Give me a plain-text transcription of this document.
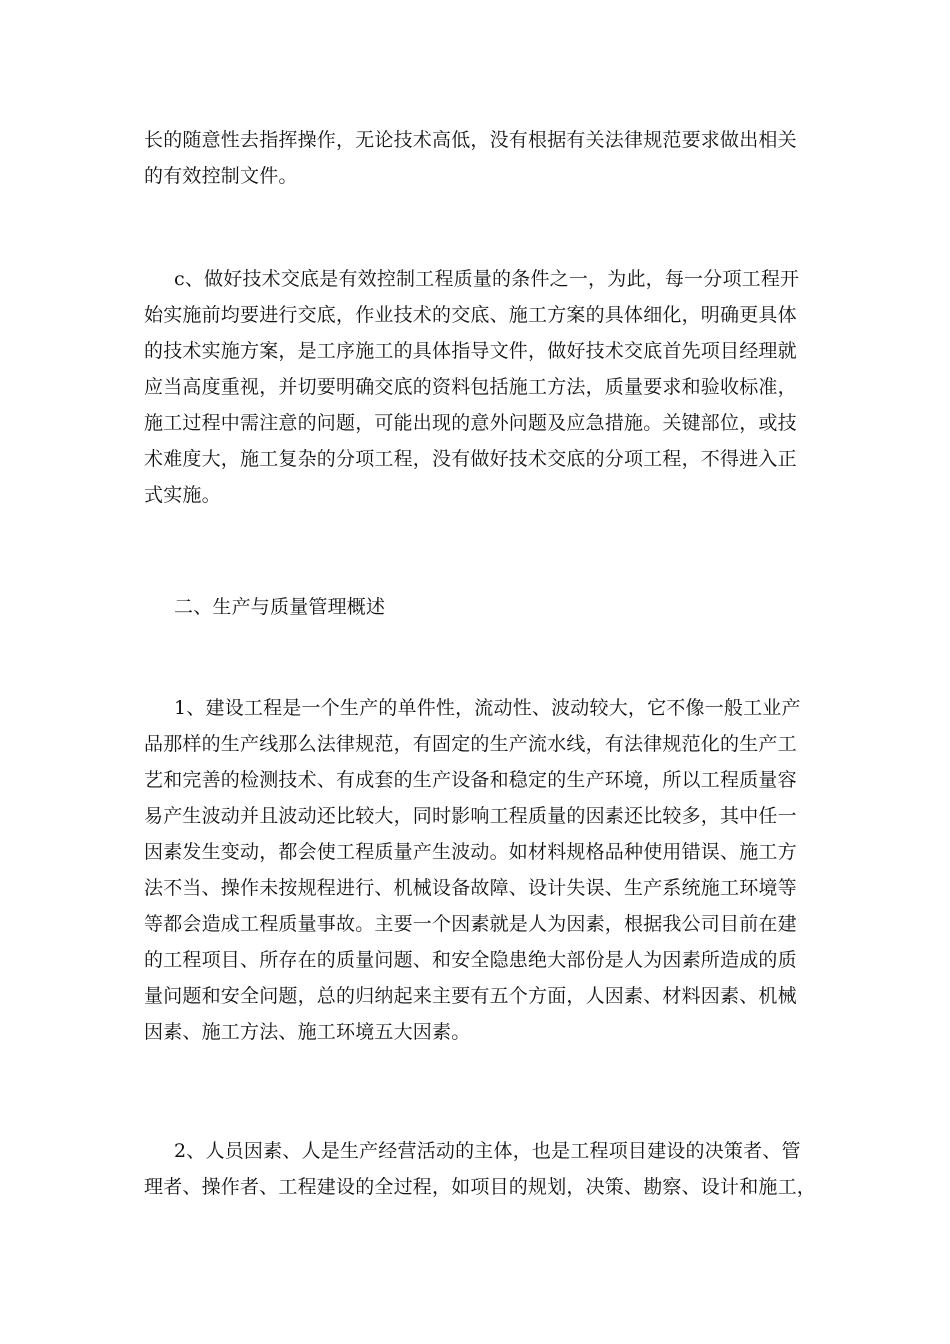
长的随意性去指挥操作，无论技术高低，没有根据有关法律规范要求做出相关
的有效控制文件。

c、做好技术交底是有效控制工程质量的条件之一，为此，每一分项工程开
始实施前均要进行交底，作业技术的交底、施工方案的具体细化，明确更具体
的技术实施方案，是工序施工的具体指导文件，做好技术交底首先项目经理就
应当高度重视，并切要明确交底的资料包括施工方法，质量要求和验收标准，
施工过程中需注意的问题，可能出现的意外问题及应急措施。关键部位，或技
术难度大，施工复杂的分项工程，没有做好技术交底的分项工程，不得进入正
式实施。

二、生产与质量管理概述

1、建设工程是一个生产的单件性，流动性、波动较大，它不像一般工业产
品那样的生产线那么法律规范，有固定的生产流水线，有法律规范化的生产工
艺和完善的检测技术、有成套的生产设备和稳定的生产环境，所以工程质量容
易产生波动并且波动还比较大，同时影响工程质量的因素还比较多，其中任一
因素发生变动，都会使工程质量产生波动。如材料规格品种使用错误、施工方
法不当、操作未按规程进行、机械设备故障、设计失误、生产系统施工环境等
等都会造成工程质量事故。主要一个因素就是人为因素，根据我公司目前在建
的工程项目、所存在的质量问题、和安全隐患绝大部份是人为因素所造成的质
量问题和安全问题，总的归纳起来主要有五个方面，人因素、材料因素、机械
因素、施工方法、施工环境五大因素。

2、人员因素、人是生产经营活动的主体，也是工程项目建设的决策者、管
理者、操作者、工程建设的全过程，如项目的规划，决策、勘察、设计和施工，
